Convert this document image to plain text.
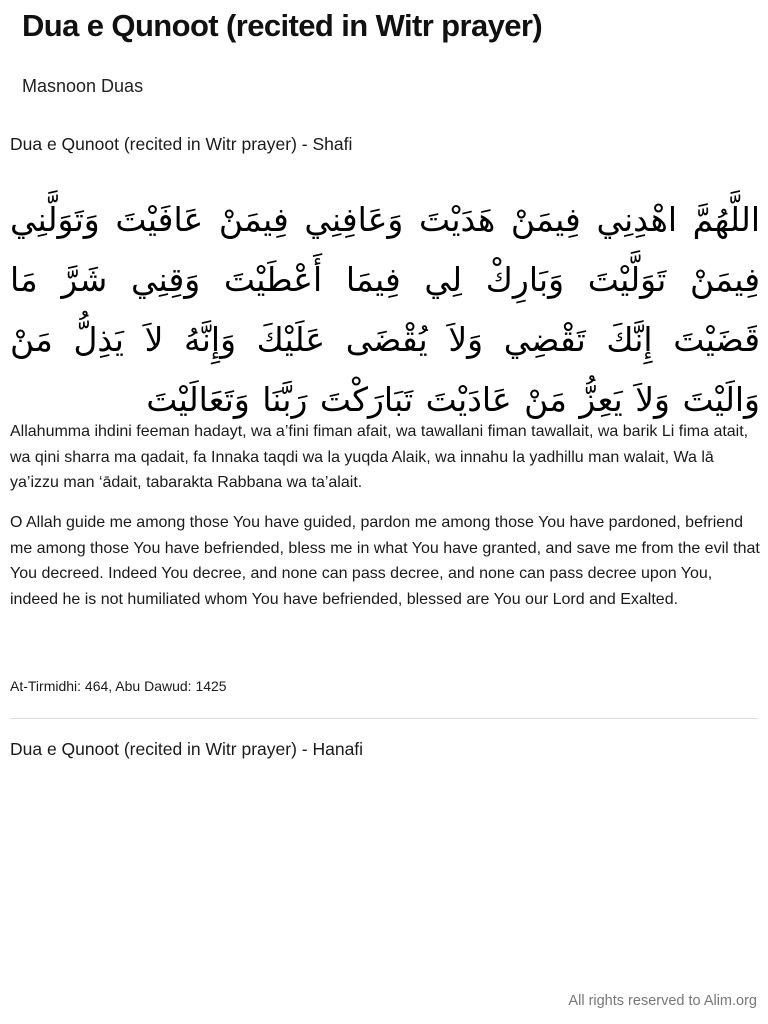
Dua e Qunoot (recited in Witr prayer)
Masnoon Duas
Dua e Qunoot (recited in Witr prayer) - Shafi
اللَّهُمَّ اهْدِنِي فِيمَنْ هَدَيْتَ وَعَافِنِي فِيمَنْ عَافَيْتَ وَتَوَلَّنِي فِيمَنْ تَوَلَّيْتَ وَبَارِكْ لِي فِيمَا أَعْطَيْتَ وَقِنِي شَرَّ مَا قَضَيْتَ إِنَّكَ تَقْضِي وَلاَ يُقْضَى عَلَيْكَ وَإِنَّهُ لاَ يَذِلُّ مَنْ وَالَيْتَ وَلاَ يَعِزُّ مَنْ عَادَيْتَ تَبَارَكْتَ رَبَّنَا وَتَعَالَيْتَ

Allahumma ihdini feeman hadayt, wa a’fini fiman afait, wa tawallani fiman tawallait, wa barik Li fima atait, wa qini sharra ma qadait, fa Innaka taqdi wa la yuqda Alaik, wa innahu la yadhillu man walait, Wa lā ya’izzu man ‘ādait, tabarakta Rabbana wa ta’alait.

O Allah guide me among those You have guided, pardon me among those You have pardoned, befriend me among those You have befriended, bless me in what You have granted, and save me from the evil that You decreed. Indeed You decree, and none can pass decree, and none can pass decree upon You, indeed he is not humiliated whom You have befriended, blessed are You our Lord and Exalted.

At-Tirmidhi: 464, Abu Dawud: 1425
Dua e Qunoot (recited in Witr prayer) - Hanafi
All rights reserved to Alim.org
